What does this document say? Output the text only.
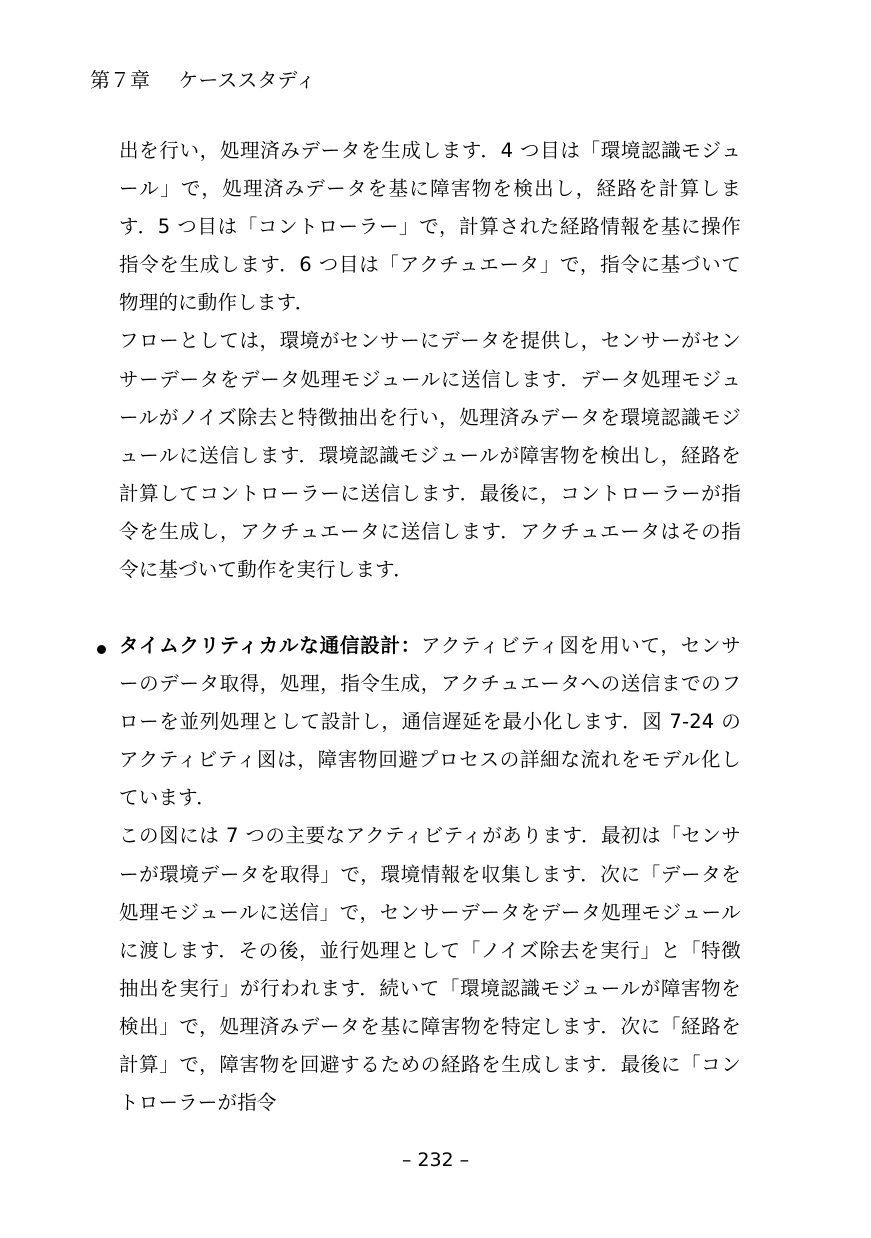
第７章 ケーススタディ

出を行い，処理済みデータを生成します．4 つ目は「環境認識モジュール」で，処理済みデータを基に障害物を検出し，経路を計算します．5 つ目は「コントローラー」で，計算された経路情報を基に操作指令を生成します．6 つ目は「アクチュエータ」で，指令に基づいて物理的に動作します．

フローとしては，環境がセンサーにデータを提供し，センサーがセンサーデータをデータ処理モジュールに送信します．データ処理モジュールがノイズ除去と特徴抽出を行い，処理済みデータを環境認識モジュールに送信します．環境認識モジュールが障害物を検出し，経路を計算してコントローラーに送信します．最後に，コントローラーが指令を生成し，アクチュエータに送信します．アクチュエータはその指令に基づいて動作を実行します．

タイムクリティカルな通信設計：アクティビティ図を用いて，センサーのデータ取得，処理，指令生成，アクチュエータへの送信までのフローを並列処理として設計し，通信遅延を最小化します．図 7-24 のアクティビティ図は，障害物回避プロセスの詳細な流れをモデル化しています．

この図には 7 つの主要なアクティビティがあります．最初は「センサーが環境データを取得」で，環境情報を収集します．次に「データを処理モジュールに送信」で，センサーデータをデータ処理モジュールに渡します．その後，並行処理として「ノイズ除去を実行」と「特徴抽出を実行」が行われます．続いて「環境認識モジュールが障害物を検出」で，処理済みデータを基に障害物を特定します．次に「経路を計算」で，障害物を回避するための経路を生成します．最後に「コントローラーが指令

– 232 –
